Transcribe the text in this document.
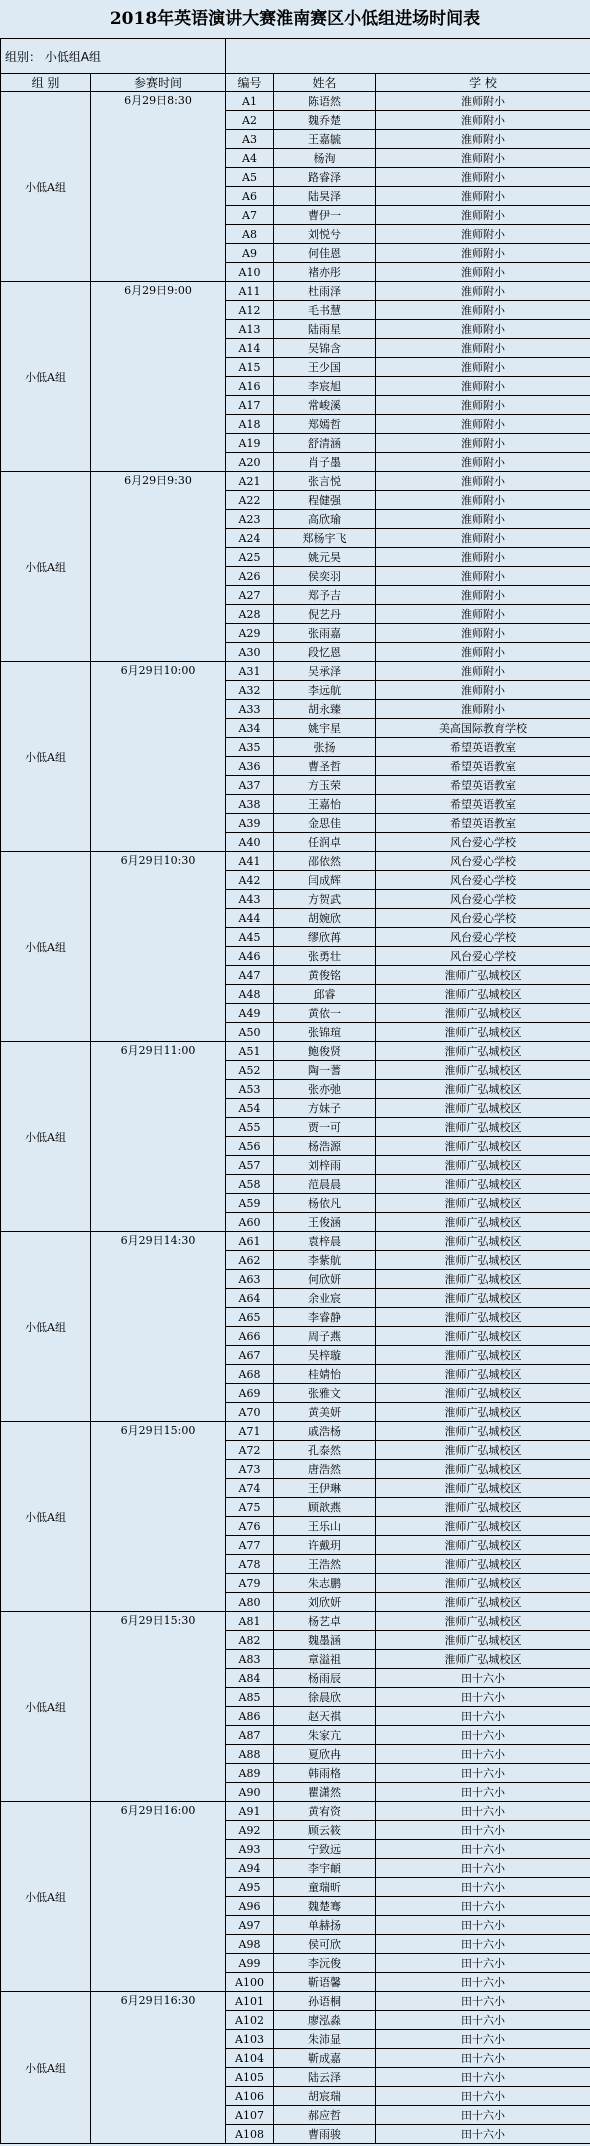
2018年英语演讲大赛淮南赛区小低组进场时间表
组别： 小低组A组				
组 别	参赛时间	编号	姓名	学 校
小低A组	6月29日8:30	A1	陈语然	淮师附小
		A2	魏乔楚	淮师附小
		A3	王嘉毓	淮师附小
		A4	杨洵	淮师附小
		A5	路睿泽	淮师附小
		A6	陆昊泽	淮师附小
		A7	曹伊一	淮师附小
		A8	刘悦兮	淮师附小
		A9	何佳恩	淮师附小
		A10	褚亦彤	淮师附小
小低A组	6月29日9:00	A11	杜雨泽	淮师附小
		A12	毛书慧	淮师附小
		A13	陆雨星	淮师附小
		A14	吴锦含	淮师附小
		A15	王少国	淮师附小
		A16	李宸旭	淮师附小
		A17	常峻溪	淮师附小
		A18	郑嫣哲	淮师附小
		A19	舒清涵	淮师附小
		A20	肖子墨	淮师附小
小低A组	6月29日9:30	A21	张言悦	淮师附小
		A22	程健强	淮师附小
		A23	高欣瑜	淮师附小
		A24	郑杨宇飞	淮师附小
		A25	姚元昊	淮师附小
		A26	侯奕羽	淮师附小
		A27	郑予吉	淮师附小
		A28	倪艺丹	淮师附小
		A29	张雨嘉	淮师附小
		A30	段忆恩	淮师附小
小低A组	6月29日10:00	A31	吴承泽	淮师附小
		A32	李远航	淮师附小
		A33	胡永臻	淮师附小
		A34	姚宇星	美高国际教育学校
		A35	张扬	希望英语教室
		A36	曹圣哲	希望英语教室
		A37	方玉荣	希望英语教室
		A38	王嘉怡	希望英语教室
		A39	金思佳	希望英语教室
		A40	任润卓	风台爱心学校
小低A组	6月29日10:30	A41	邵依然	风台爱心学校
		A42	闫成辉	风台爱心学校
		A43	方贺武	风台爱心学校
		A44	胡婉欣	风台爱心学校
		A45	缪欣苒	风台爱心学校
		A46	张勇壮	风台爱心学校
		A47	黄俊铭	淮师广弘城校区
		A48	邱睿	淮师广弘城校区
		A49	黄依一	淮师广弘城校区
		A50	张锦瑄	淮师广弘城校区
小低A组	6月29日11:00	A51	鲍俊贤	淮师广弘城校区
		A52	陶一蓍	淮师广弘城校区
		A53	张亦弛	淮师广弘城校区
		A54	方妹子	淮师广弘城校区
		A55	贾一可	淮师广弘城校区
		A56	杨浩源	淮师广弘城校区
		A57	刘梓雨	淮师广弘城校区
		A58	范晨晨	淮师广弘城校区
		A59	杨依凡	淮师广弘城校区
		A60	王俊涵	淮师广弘城校区
小低A组	6月29日14:30	A61	袁梓晨	淮师广弘城校区
		A62	李紫航	淮师广弘城校区
		A63	何欣妍	淮师广弘城校区
		A64	余业宸	淮师广弘城校区
		A65	李睿静	淮师广弘城校区
		A66	周子燕	淮师广弘城校区
		A67	吴梓璇	淮师广弘城校区
		A68	桂婧怡	淮师广弘城校区
		A69	张雅文	淮师广弘城校区
		A70	黄美妍	淮师广弘城校区
小低A组	6月29日15:00	A71	戚浩杨	淮师广弘城校区
		A72	孔泰然	淮师广弘城校区
		A73	唐浩然	淮师广弘城校区
		A74	王伊琳	淮师广弘城校区
		A75	顾歆燕	淮师广弘城校区
		A76	王乐山	淮师广弘城校区
		A77	许戴玥	淮师广弘城校区
		A78	王浩然	淮师广弘城校区
		A79	朱志鹏	淮师广弘城校区
		A80	刘欣妍	淮师广弘城校区
小低A组	6月29日15:30	A81	杨艺卓	淮师广弘城校区
		A82	魏墨涵	淮师广弘城校区
		A83	章溢祖	淮师广弘城校区
		A84	杨雨辰	田十六小
		A85	徐晨欣	田十六小
		A86	赵天祺	田十六小
		A87	朱家亢	田十六小
		A88	夏欣冉	田十六小
		A89	韩雨格	田十六小
		A90	瞿潇然	田十六小
小低A组	6月29日16:00	A91	黄宥资	田十六小
		A92	顾云筱	田十六小
		A93	宁致远	田十六小
		A94	李宇頔	田十六小
		A95	童瑞昕	田十六小
		A96	魏楚骞	田十六小
		A97	单赫扬	田十六小
		A98	侯可欣	田十六小
		A99	李沅俊	田十六小
		A100	靳语馨	田十六小
小低A组	6月29日16:30	A101	孙语桐	田十六小
		A102	廖泓淼	田十六小
		A103	朱沛显	田十六小
		A104	靳成嘉	田十六小
		A105	陆云泽	田十六小
		A106	胡宸瑞	田十六小
		A107	郝应哲	田十六小
		A108	曹雨骏	田十六小
